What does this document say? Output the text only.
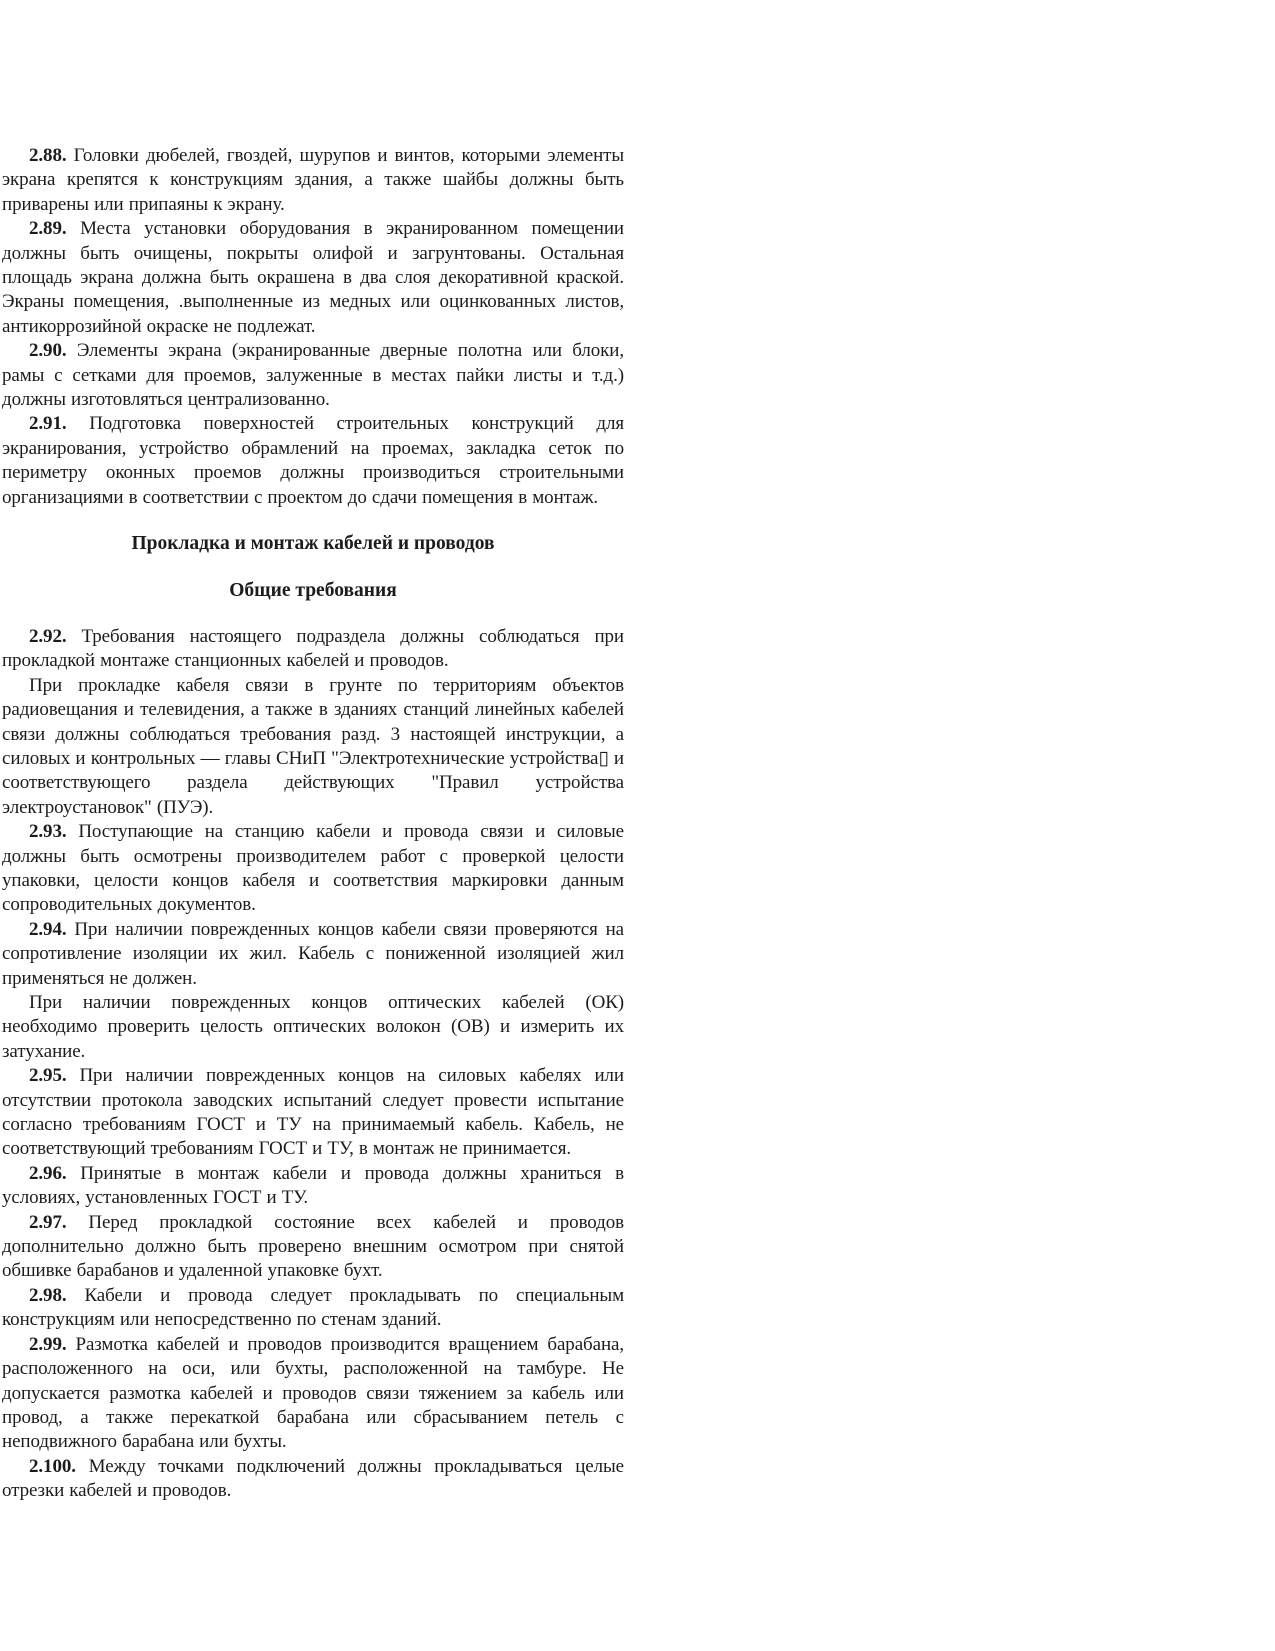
2.88. Головки дюбелей, гвоздей, шурупов и винтов, которыми элементы экрана крепятся к конструкциям здания, а также шайбы должны быть приварены или припаяны к экрану.

2.89. Места установки оборудования в экранированном помещении должны быть очищены, покрыты олифой и загрунтованы. Остальная площадь экрана должна быть окрашена в два слоя декоративной краской. Экраны помещения, .выполненные из медных или оцинкованных листов, антикоррозийной окраске не подлежат.

2.90. Элементы экрана (экранированные дверные полотна или блоки, рамы с сетками для проемов, залуженные в местах пайки листы и т.д.) должны изготовляться централизованно.

2.91. Подготовка поверхностей строительных конструкций для экранирования, устройство обрамлений на проемах, закладка сеток по периметру оконных проемов должны производиться строительными организациями в соответствии с проектом до сдачи помещения в монтаж.

Прокладка и монтаж кабелей и проводов

Общие требования

2.92. Требования настоящего подраздела должны соблюдаться при прокладкой монтаже станционных кабелей и проводов.

При прокладке кабеля связи в грунте по территориям объектов радиовещания и телевидения, а также в зданиях станций линейных кабелей связи должны соблюдаться требования разд. 3 настоящей инструкции, а силовых и контрольных — главы СНиП "Электротехнические устройства▯ и соответствующего раздела действующих "Правил устройства электроустановок" (ПУЭ).

2.93. Поступающие на станцию кабели и провода связи и силовые должны быть осмотрены производителем работ с проверкой целости упаковки, целости концов кабеля и соответствия маркировки данным сопроводительных документов.

2.94. При наличии поврежденных концов кабели связи проверяются на сопротивление изоляции их жил. Кабель с пониженной изоляцией жил применяться не должен.

При наличии поврежденных концов оптических кабелей (ОК) необходимо проверить целость оптических волокон (ОВ) и измерить их затухание.

2.95. При наличии поврежденных концов на силовых кабелях или отсутствии протокола заводских испытаний следует провести испытание согласно требованиям ГОСТ и ТУ на принимаемый кабель. Кабель, не соответствующий требованиям ГОСТ и ТУ, в монтаж не принимается.

2.96. Принятые в монтаж кабели и провода должны храниться в условиях, установленных ГОСТ и ТУ.

2.97. Перед прокладкой состояние всех кабелей и проводов дополнительно должно быть проверено внешним осмотром при снятой обшивке барабанов и удаленной упаковке бухт.

2.98. Кабели и провода следует прокладывать по специальным конструкциям или непосредственно по стенам зданий.

2.99. Размотка кабелей и проводов производится вращением барабана, расположенного на оси, или бухты, расположенной на тамбуре. Не допускается размотка кабелей и проводов связи тяжением за кабель или провод, а также перекаткой барабана или сбрасыванием петель с неподвижного барабана или бухты.

2.100. Между точками подключений должны прокладываться целые отрезки кабелей и проводов.
